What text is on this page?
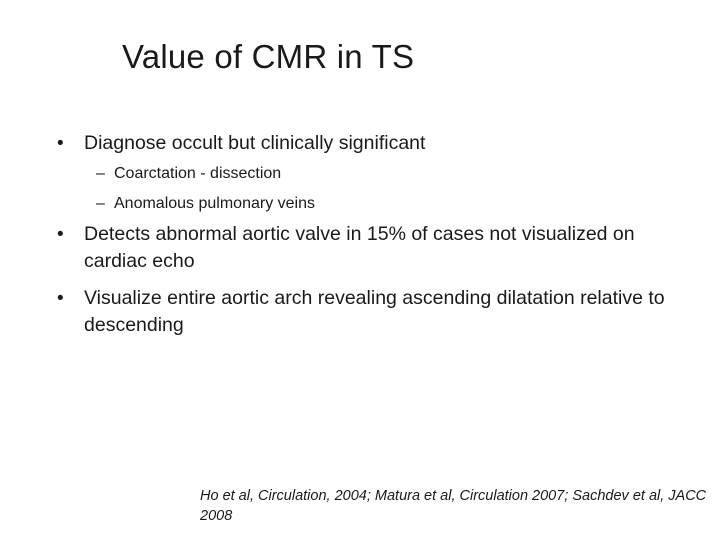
Value of CMR in TS
• Diagnose occult but clinically significant
– Coarctation - dissection
– Anomalous pulmonary veins
• Detects abnormal aortic valve in 15% of cases not visualized on cardiac echo
• Visualize entire aortic arch revealing ascending dilatation relative to descending
Ho et al, Circulation, 2004; Matura et al, Circulation 2007; Sachdev et al, JACC 2008
